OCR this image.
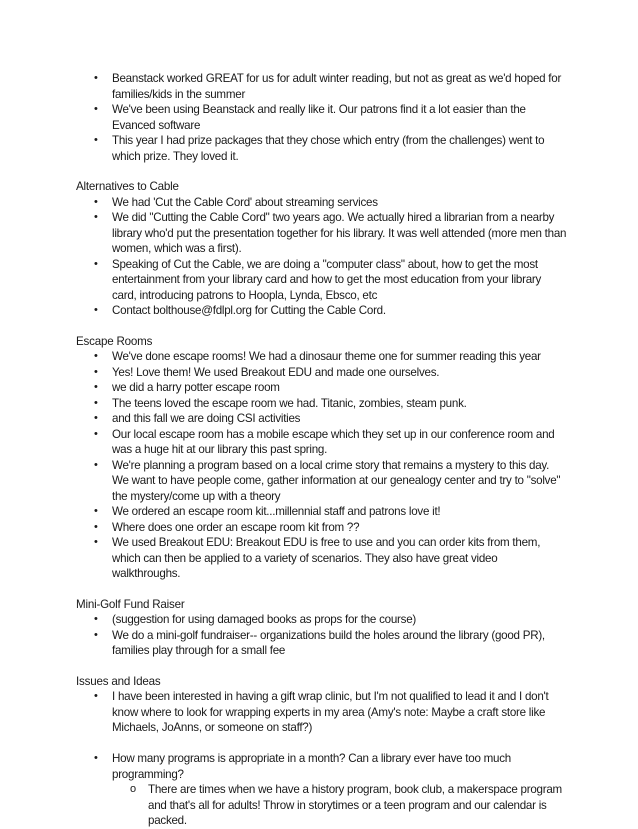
• Beanstack worked GREAT for us for adult winter reading, but not as great as we'd hoped for families/kids in the summer
• We've been using Beanstack and really like it. Our patrons find it a lot easier than the Evanced software
• This year I had prize packages that they chose which entry (from the challenges) went to which prize. They loved it.

Alternatives to Cable

• We had 'Cut the Cable Cord' about streaming services
• We did "Cutting the Cable Cord" two years ago. We actually hired a librarian from a nearby library who'd put the presentation together for his library. It was well attended (more men than women, which was a first).
• Speaking of Cut the Cable, we are doing a "computer class" about, how to get the most entertainment from your library card and how to get the most education from your library card, introducing patrons to Hoopla, Lynda, Ebsco, etc
• Contact bolthouse@fdlpl.org for Cutting the Cable Cord.

Escape Rooms

• We've done escape rooms! We had a dinosaur theme one for summer reading this year
• Yes! Love them! We used Breakout EDU and made one ourselves.
• we did a harry potter escape room
• The teens loved the escape room we had. Titanic, zombies, steam punk.
• and this fall we are doing CSI activities
• Our local escape room has a mobile escape which they set up in our conference room and was a huge hit at our library this past spring.
• We're planning a program based on a local crime story that remains a mystery to this day. We want to have people come, gather information at our genealogy center and try to "solve" the mystery/come up with a theory
• We ordered an escape room kit...millennial staff and patrons love it!
• Where does one order an escape room kit from ??
• We used Breakout EDU: Breakout EDU is free to use and you can order kits from them, which can then be applied to a variety of scenarios. They also have great video walkthroughs.

Mini-Golf Fund Raiser

• (suggestion for using damaged books as props for the course)
• We do a mini-golf fundraiser-- organizations build the holes around the library (good PR), families play through for a small fee

Issues and Ideas

• I have been interested in having a gift wrap clinic, but I'm not qualified to lead it and I don't know where to look for wrapping experts in my area (Amy's note: Maybe a craft store like Michaels, JoAnns, or someone on staff?)
• How many programs is appropriate in a month? Can a library ever have too much programming?
o There are times when we have a history program, book club, a makerspace program and that's all for adults! Throw in storytimes or a teen program and our calendar is packed.
